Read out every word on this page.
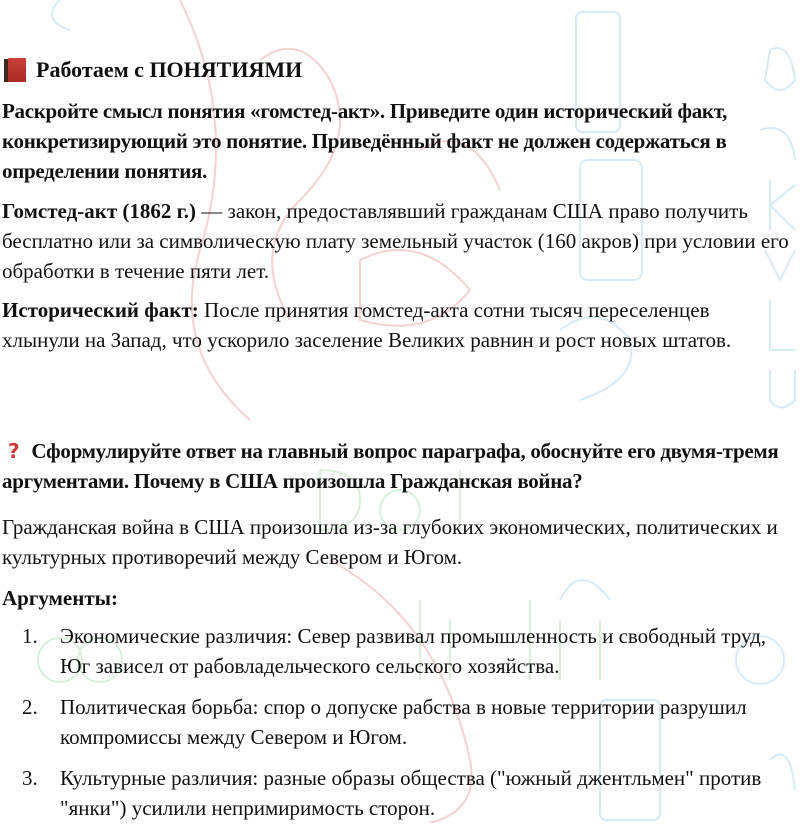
Работаем с ПОНЯТИЯМИ
Раскройте смысл понятия «гомстед-акт». Приведите один исторический факт, конкретизирующий это понятие. Приведённый факт не должен содержаться в определении понятия.
Гомстед-акт (1862 г.) — закон, предоставлявший гражданам США право получить бесплатно или за символическую плату земельный участок (160 акров) при условии его обработки в течение пяти лет.
Исторический факт: После принятия гомстед-акта сотни тысяч переселенцев хлынули на Запад, что ускорило заселение Великих равнин и рост новых штатов.
? Сформулируйте ответ на главный вопрос параграфа, обоснуйте его двумя-тремя аргументами. Почему в США произошла Гражданская война?
Гражданская война в США произошла из-за глубоких экономических, политических и культурных противоречий между Севером и Югом.
Аргументы:
1.	Экономические различия: Север развивал промышленность и свободный труд, Юг зависел от рабовладельческого сельского хозяйства.
2.	Политическая борьба: спор о допуске рабства в новые территории разрушил компромиссы между Севером и Югом.
3.	Культурные различия: разные образы общества ("южный джентльмен" против "янки") усилили непримиримость сторон.
